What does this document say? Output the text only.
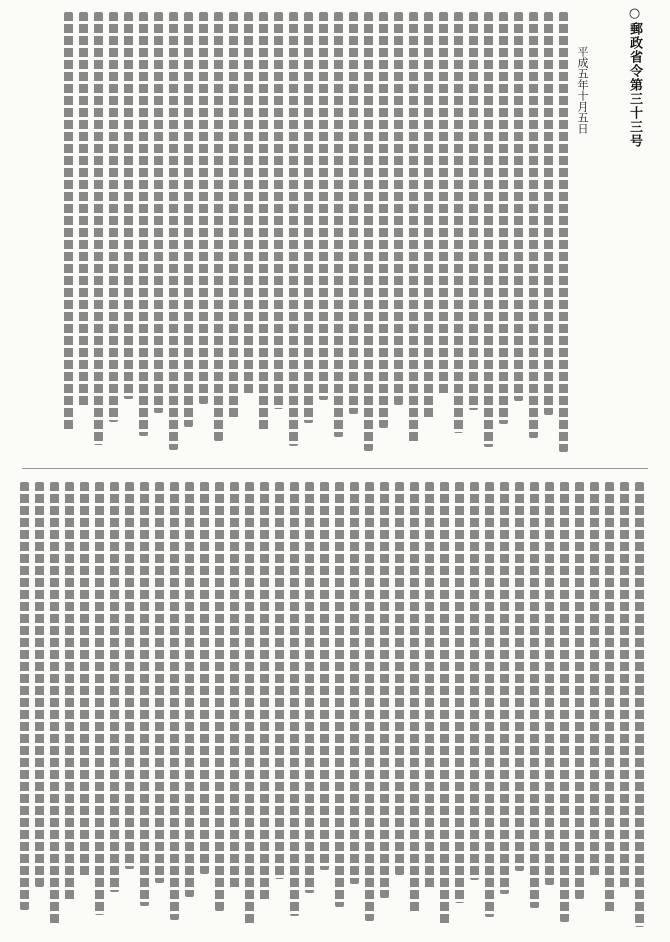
○郵政省令第三十三号
平成五年十月五日
